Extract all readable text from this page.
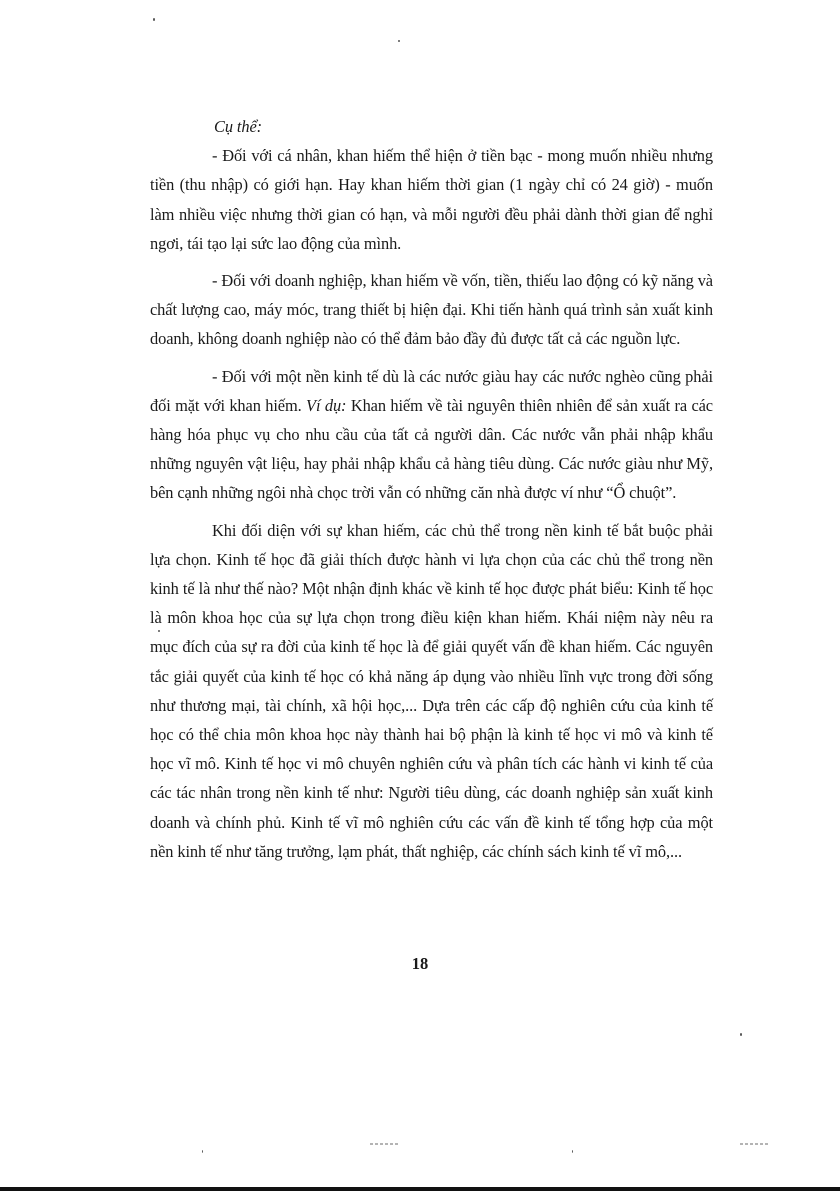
Cụ thể:

- Đối với cá nhân, khan hiếm thể hiện ở tiền bạc - mong muốn nhiều nhưng tiền (thu nhập) có giới hạn. Hay khan hiếm thời gian (1 ngày chỉ có 24 giờ) - muốn làm nhiều việc nhưng thời gian có hạn, và mỗi người đều phải dành thời gian để nghỉ ngơi, tái tạo lại sức lao động của mình.

- Đối với doanh nghiệp, khan hiếm về vốn, tiền, thiếu lao động có kỹ năng và chất lượng cao, máy móc, trang thiết bị hiện đại. Khi tiến hành quá trình sản xuất kinh doanh, không doanh nghiệp nào có thể đảm bảo đầy đủ được tất cả các nguồn lực.

- Đối với một nền kinh tế dù là các nước giàu hay các nước nghèo cũng phải đối mặt với khan hiếm. Ví dụ: Khan hiếm về tài nguyên thiên nhiên để sản xuất ra các hàng hóa phục vụ cho nhu cầu của tất cả người dân. Các nước vẫn phải nhập khẩu những nguyên vật liệu, hay phải nhập khẩu cả hàng tiêu dùng. Các nước giàu như Mỹ, bên cạnh những ngôi nhà chọc trời vẫn có những căn nhà được ví như “Ổ chuột”.

Khi đối diện với sự khan hiếm, các chủ thể trong nền kinh tế bắt buộc phải lựa chọn. Kinh tế học đã giải thích được hành vi lựa chọn của các chủ thể trong nền kinh tế là như thế nào? Một nhận định khác về kinh tế học được phát biểu: Kinh tế học là môn khoa học của sự lựa chọn trong điều kiện khan hiếm. Khái niệm này nêu ra mục đích của sự ra đời của kinh tế học là để giải quyết vấn đề khan hiếm. Các nguyên tắc giải quyết của kinh tế học có khả năng áp dụng vào nhiều lĩnh vực trong đời sống như thương mại, tài chính, xã hội học,... Dựa trên các cấp độ nghiên cứu của kinh tế học có thể chia môn khoa học này thành hai bộ phận là kinh tế học vi mô và kinh tế học vĩ mô. Kinh tế học vi mô chuyên nghiên cứu và phân tích các hành vi kinh tế của các tác nhân trong nền kinh tế như: Người tiêu dùng, các doanh nghiệp sản xuất kinh doanh và chính phủ. Kinh tế vĩ mô nghiên cứu các vấn đề kinh tế tổng hợp của một nền kinh tế như tăng trưởng, lạm phát, thất nghiệp, các chính sách kinh tế vĩ mô,...

18
